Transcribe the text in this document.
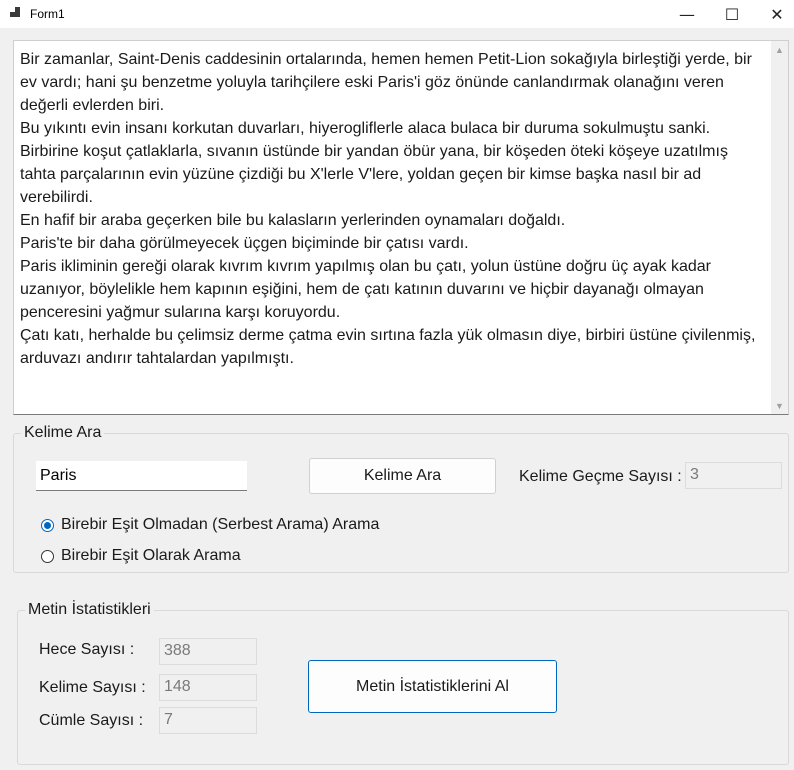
Form1	—	☐	✕

Bir zamanlar, Saint-Denis caddesinin ortalarında, hemen hemen Petit-Lion sokağıyla birleştiği yerde, bir ev vardı; hani şu benzetme yoluyla tarihçilere eski Paris'i göz önünde canlandırmak olanağını veren değerli evlerden biri.

Bu yıkıntı evin insanı korkutan duvarları, hiyerogliflerle alaca bulaca bir duruma sokulmuştu sanki.

Birbirine koşut çatlaklarla, sıvanın üstünde bir yandan öbür yana, bir köşeden öteki köşeye uzatılmış tahta parçalarının evin yüzüne çizdiği bu X'lerle V'lere, yoldan geçen bir kimse başka nasıl bir ad verebilirdi.

En hafif bir araba geçerken bile bu kalasların yerlerinden oynamaları doğaldı.

Paris'te bir daha görülmeyecek üçgen biçiminde bir çatısı vardı.

Paris ikliminin gereği olarak kıvrım kıvrım yapılmış olan bu çatı, yolun üstüne doğru üç ayak kadar uzanıyor, böylelikle hem kapının eşiğini, hem de çatı katının duvarını ve hiçbir dayanağı olmayan penceresini yağmur sularına karşı koruyordu.

Çatı katı, herhalde bu çelimsiz derme çatma evin sırtına fazla yük olmasın diye, birbiri üstüne çivilenmiş, arduvazı andırır tahtalardan yapılmıştı.

▲
▼
Kelime Ara
Paris
Kelime Ara	Kelime Geçme Sayısı : 3
Birebir Eşit Olmadan (Serbest Arama) Arama
Birebir Eşit Olarak Arama
Metin İstatistikleri
Hece Sayısı :	388
Kelime Sayısı :	148
Cümle Sayısı :	7
Metin İstatistiklerini Al
